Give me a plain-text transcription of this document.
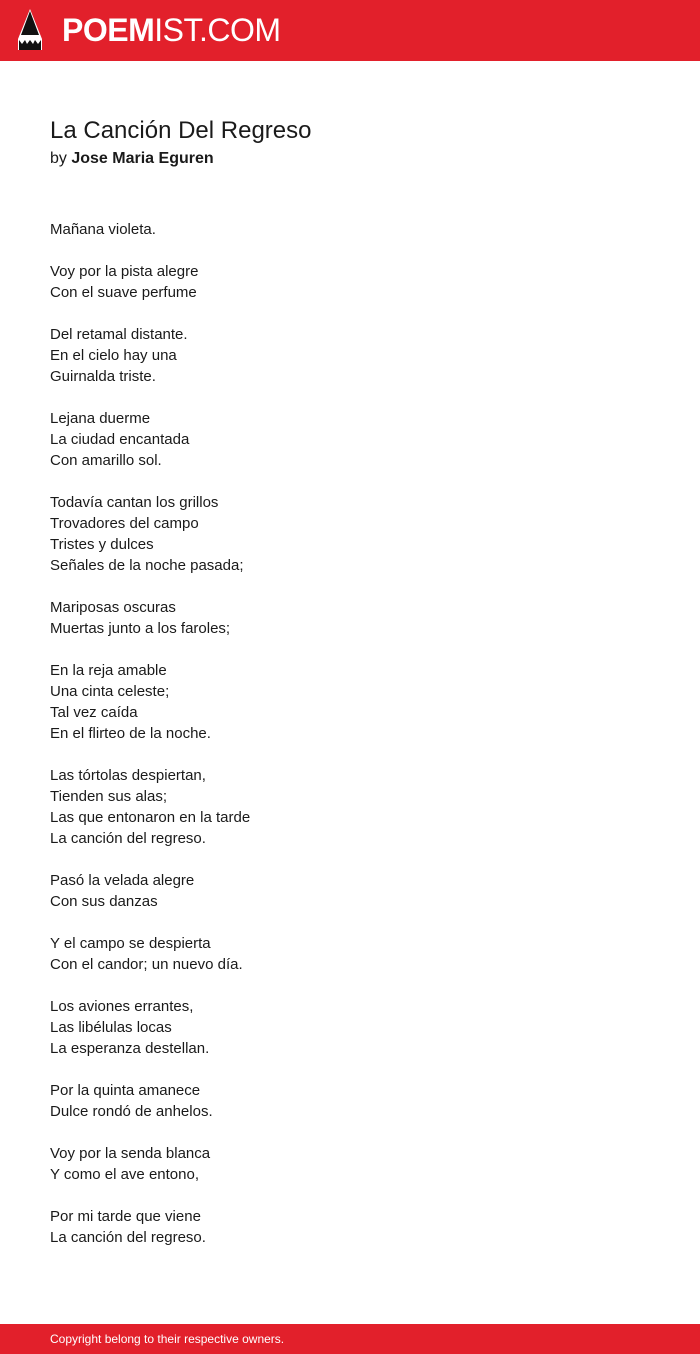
POEMIST.COM
La Canción Del Regreso
by Jose Maria Eguren
Mañana violeta.
Voy por la pista alegre
Con el suave perfume
Del retamal distante.
En el cielo hay una
Guirnalda triste.
Lejana duerme
La ciudad encantada
Con amarillo sol.
Todavía cantan los grillos
Trovadores del campo
Tristes y dulces
Señales de la noche pasada;
Mariposas oscuras
Muertas junto a los faroles;
En la reja amable
Una cinta celeste;
Tal vez caída
En el flirteo de la noche.
Las tórtolas despiertan,
Tienden sus alas;
Las que entonaron en la tarde
La canción del regreso.
Pasó la velada alegre
Con sus danzas
Y el campo se despierta
Con el candor; un nuevo día.
Los aviones errantes,
Las libélulas locas
La esperanza destellan.
Por la quinta amanece
Dulce rondó de anhelos.
Voy por la senda blanca
Y como el ave entono,
Por mi tarde que viene
La canción del regreso.
Copyright belong to their respective owners.
